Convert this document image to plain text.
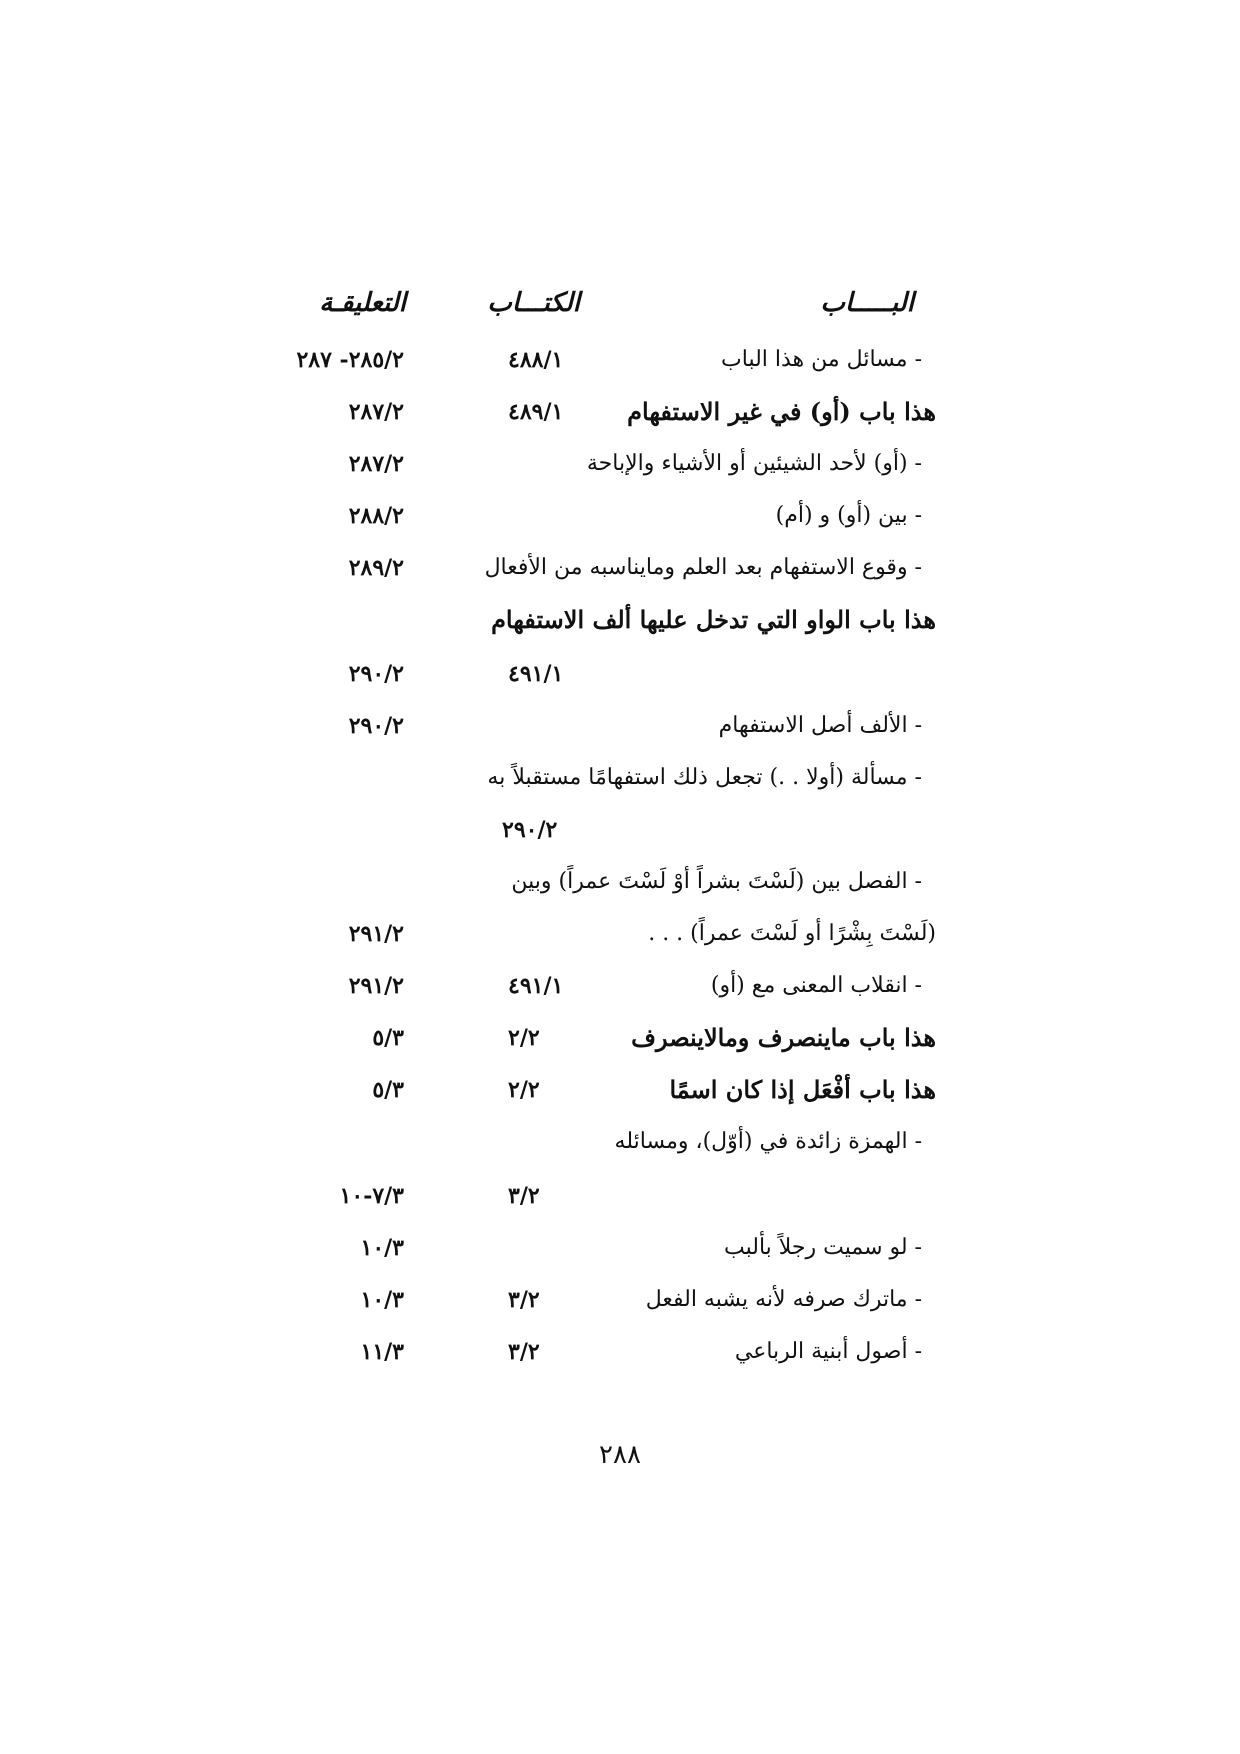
البـــــاب
الكتـــاب
التعليقـة
- مسائل من هذا الباب
٤٨٨/١
٢٨٥/٢- ٢٨٧
هذا باب (أو) في غير الاستفهام
٤٨٩/١
٢٨٧/٢
- (أو) لأحد الشيئين أو الأشياء والإباحة
٢٨٧/٢
- بين (أو) و (أم)
٢٨٨/٢
- وقوع الاستفهام بعد العلم ومايناسبه من الأفعال
٢٨٩/٢
هذا باب الواو التي تدخل عليها ألف الاستفهام
٤٩١/١
٢٩٠/٢
- الألف أصل الاستفهام
٢٩٠/٢
- مسألة (أولا . .) تجعل ذلك استفهامًا مستقبلاً به
٢٩٠/٢
- الفصل بين (لَسْتَ بشراً أوْ لَسْتَ عمراً) وبين
(لَسْتَ بِشْرًا أو لَسْتَ عمراً) . . .
٢٩١/٢
- انقلاب المعنى مع (أو)
٤٩١/١
٢٩١/٢
هذا باب ماينصرف ومالاينصرف
٢/٢
٥/٣
هذا باب أفْعَل إذا كان اسمًا
٢/٢
٥/٣
- الهمزة زائدة في (أوّل)، ومسائله
٣/٢
٧/٣-١٠
- لو سميت رجلاً بألبب
١٠/٣
- ماترك صرفه لأنه يشبه الفعل
٣/٢
١٠/٣
- أصول أبنية الرباعي
٣/٢
١١/٣
٢٨٨
